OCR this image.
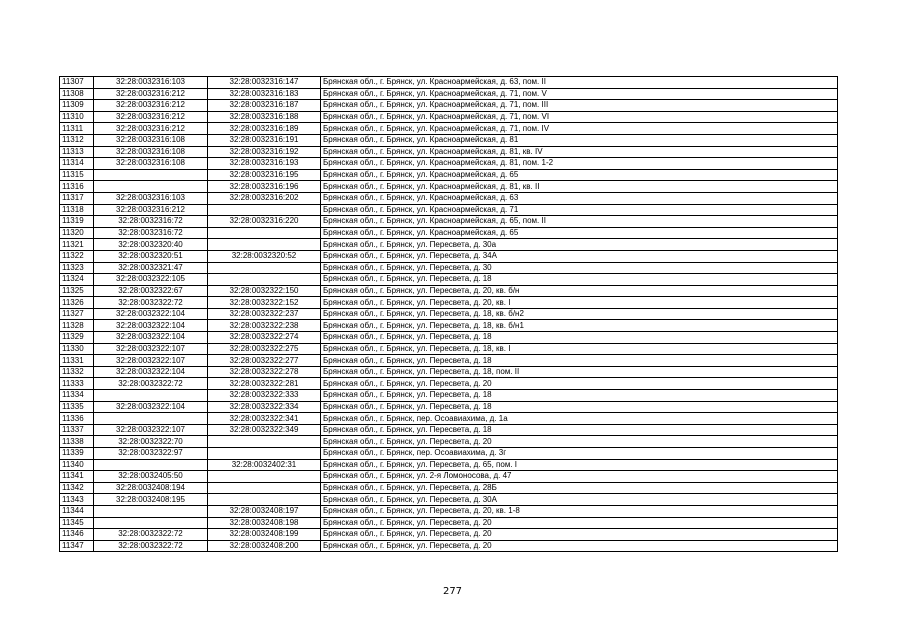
11307	32:28:0032316:103	32:28:0032316:147	Брянская обл., г. Брянск, ул. Красноармейская, д. 63, пом. II
11308	32:28:0032316:212	32:28:0032316:183	Брянская обл., г. Брянск, ул. Красноармейская, д. 71, пом. V
11309	32:28:0032316:212	32:28:0032316:187	Брянская обл., г. Брянск, ул. Красноармейская, д. 71, пом. III
11310	32:28:0032316:212	32:28:0032316:188	Брянская обл., г. Брянск, ул. Красноармейская, д. 71, пом. VI
11311	32:28:0032316:212	32:28:0032316:189	Брянская обл., г. Брянск, ул. Красноармейская, д. 71, пом. IV
11312	32:28:0032316:108	32:28:0032316:191	Брянская обл., г. Брянск, ул. Красноармейская, д. 81
11313	32:28:0032316:108	32:28:0032316:192	Брянская обл., г. Брянск, ул. Красноармейская, д. 81, кв. IV
11314	32:28:0032316:108	32:28:0032316:193	Брянская обл., г. Брянск, ул. Красноармейская, д. 81, пом. 1-2
11315		32:28:0032316:195	Брянская обл., г. Брянск, ул. Красноармейская, д. 65
11316		32:28:0032316:196	Брянская обл., г. Брянск, ул. Красноармейская, д. 81, кв. II
11317	32:28:0032316:103	32:28:0032316:202	Брянская обл., г. Брянск, ул. Красноармейская, д. 63
11318	32:28:0032316:212		Брянская обл., г. Брянск, ул. Красноармейская, д. 71
11319	32:28:0032316:72	32:28:0032316:220	Брянская обл., г. Брянск, ул. Красноармейская, д. 65, пом. II
11320	32:28:0032316:72		Брянская обл., г. Брянск, ул. Красноармейская, д. 65
11321	32:28:0032320:40		Брянская обл., г. Брянск, ул. Пересвета, д. 30а
11322	32:28:0032320:51	32:28:0032320:52	Брянская обл., г. Брянск, ул. Пересвета, д. 34А
11323	32:28:0032321:47		Брянская обл., г. Брянск, ул. Пересвета, д. 30
11324	32:28:0032322:105		Брянская обл., г. Брянск, ул. Пересвета, д. 18
11325	32:28:0032322:67	32:28:0032322:150	Брянская обл., г. Брянск, ул. Пересвета, д. 20, кв. б/н
11326	32:28:0032322:72	32:28:0032322:152	Брянская обл., г. Брянск, ул. Пересвета, д. 20, кв. I
11327	32:28:0032322:104	32:28:0032322:237	Брянская обл., г. Брянск, ул. Пересвета, д. 18, кв. б/н2
11328	32:28:0032322:104	32:28:0032322:238	Брянская обл., г. Брянск, ул. Пересвета, д. 18, кв. б/н1
11329	32:28:0032322:104	32:28:0032322:274	Брянская обл., г. Брянск, ул. Пересвета, д. 18
11330	32:28:0032322:107	32:28:0032322:275	Брянская обл., г. Брянск, ул. Пересвета, д. 18, кв. I
11331	32:28:0032322:107	32:28:0032322:277	Брянская обл., г. Брянск, ул. Пересвета, д. 18
11332	32:28:0032322:104	32:28:0032322:278	Брянская обл., г. Брянск, ул. Пересвета, д. 18, пом. II
11333	32:28:0032322:72	32:28:0032322:281	Брянская обл., г. Брянск, ул. Пересвета, д. 20
11334		32:28:0032322:333	Брянская обл., г. Брянск, ул. Пересвета, д. 18
11335	32:28:0032322:104	32:28:0032322:334	Брянская обл., г. Брянск, ул. Пересвета, д. 18
11336		32:28:0032322:341	Брянская обл., г. Брянск, пер. Осоавиахима, д. 1а
11337	32:28:0032322:107	32:28:0032322:349	Брянская обл., г. Брянск, ул. Пересвета, д. 18
11338	32:28:0032322:70		Брянская обл., г. Брянск, ул. Пересвета, д. 20
11339	32:28:0032322:97		Брянская обл., г. Брянск, пер. Осоавиахима, д. 3г
11340		32:28:0032402:31	Брянская обл., г. Брянск, ул. Пересвета, д. 65, пом. I
11341	32:28:0032405:50		Брянская обл., г. Брянск, ул. 2-я Ломоносова, д. 47
11342	32:28:0032408:194		Брянская обл., г. Брянск, ул. Пересвета, д. 28Б
11343	32:28:0032408:195		Брянская обл., г. Брянск, ул. Пересвета, д. 30А
11344		32:28:0032408:197	Брянская обл., г. Брянск, ул. Пересвета, д. 20, кв. 1-8
11345		32:28:0032408:198	Брянская обл., г. Брянск, ул. Пересвета, д. 20
11346	32:28:0032322:72	32:28:0032408:199	Брянская обл., г. Брянск, ул. Пересвета, д. 20
11347	32:28:0032322:72	32:28:0032408:200	Брянская обл., г. Брянск, ул. Пересвета, д. 20
277
